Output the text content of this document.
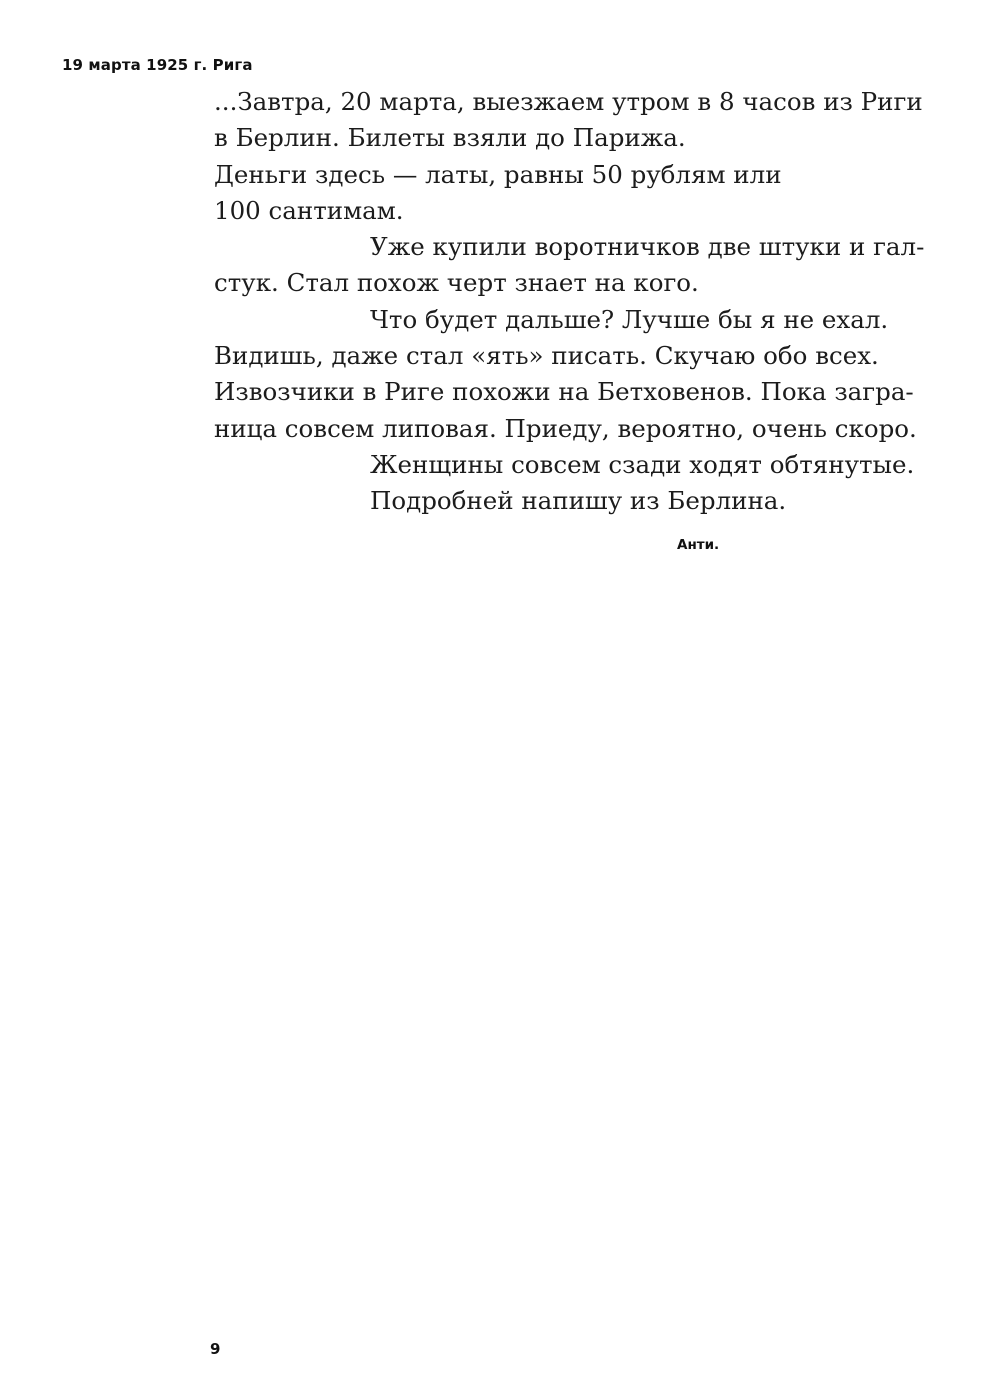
19 марта 1925 г. Рига
...Завтра, 20 марта, выезжаем утром в 8 часов из Риги
в Берлин. Билеты взяли до Парижа.
Деньги здесь — латы, равны 50 рублям или
100 сантимам.
Уже купили воротничков две штуки и гал-
стук. Стал похож черт знает на кого.
Что будет дальше? Лучше бы я не ехал.
Видишь, даже стал «ять» писать. Скучаю обо всех.
Извозчики в Риге похожи на Бетховенов. Пока загра-
ница совсем липовая. Приеду, вероятно, очень скоро.
Женщины совсем сзади ходят обтянутые.
Подробней напишу из Берлина.
Анти.
9
